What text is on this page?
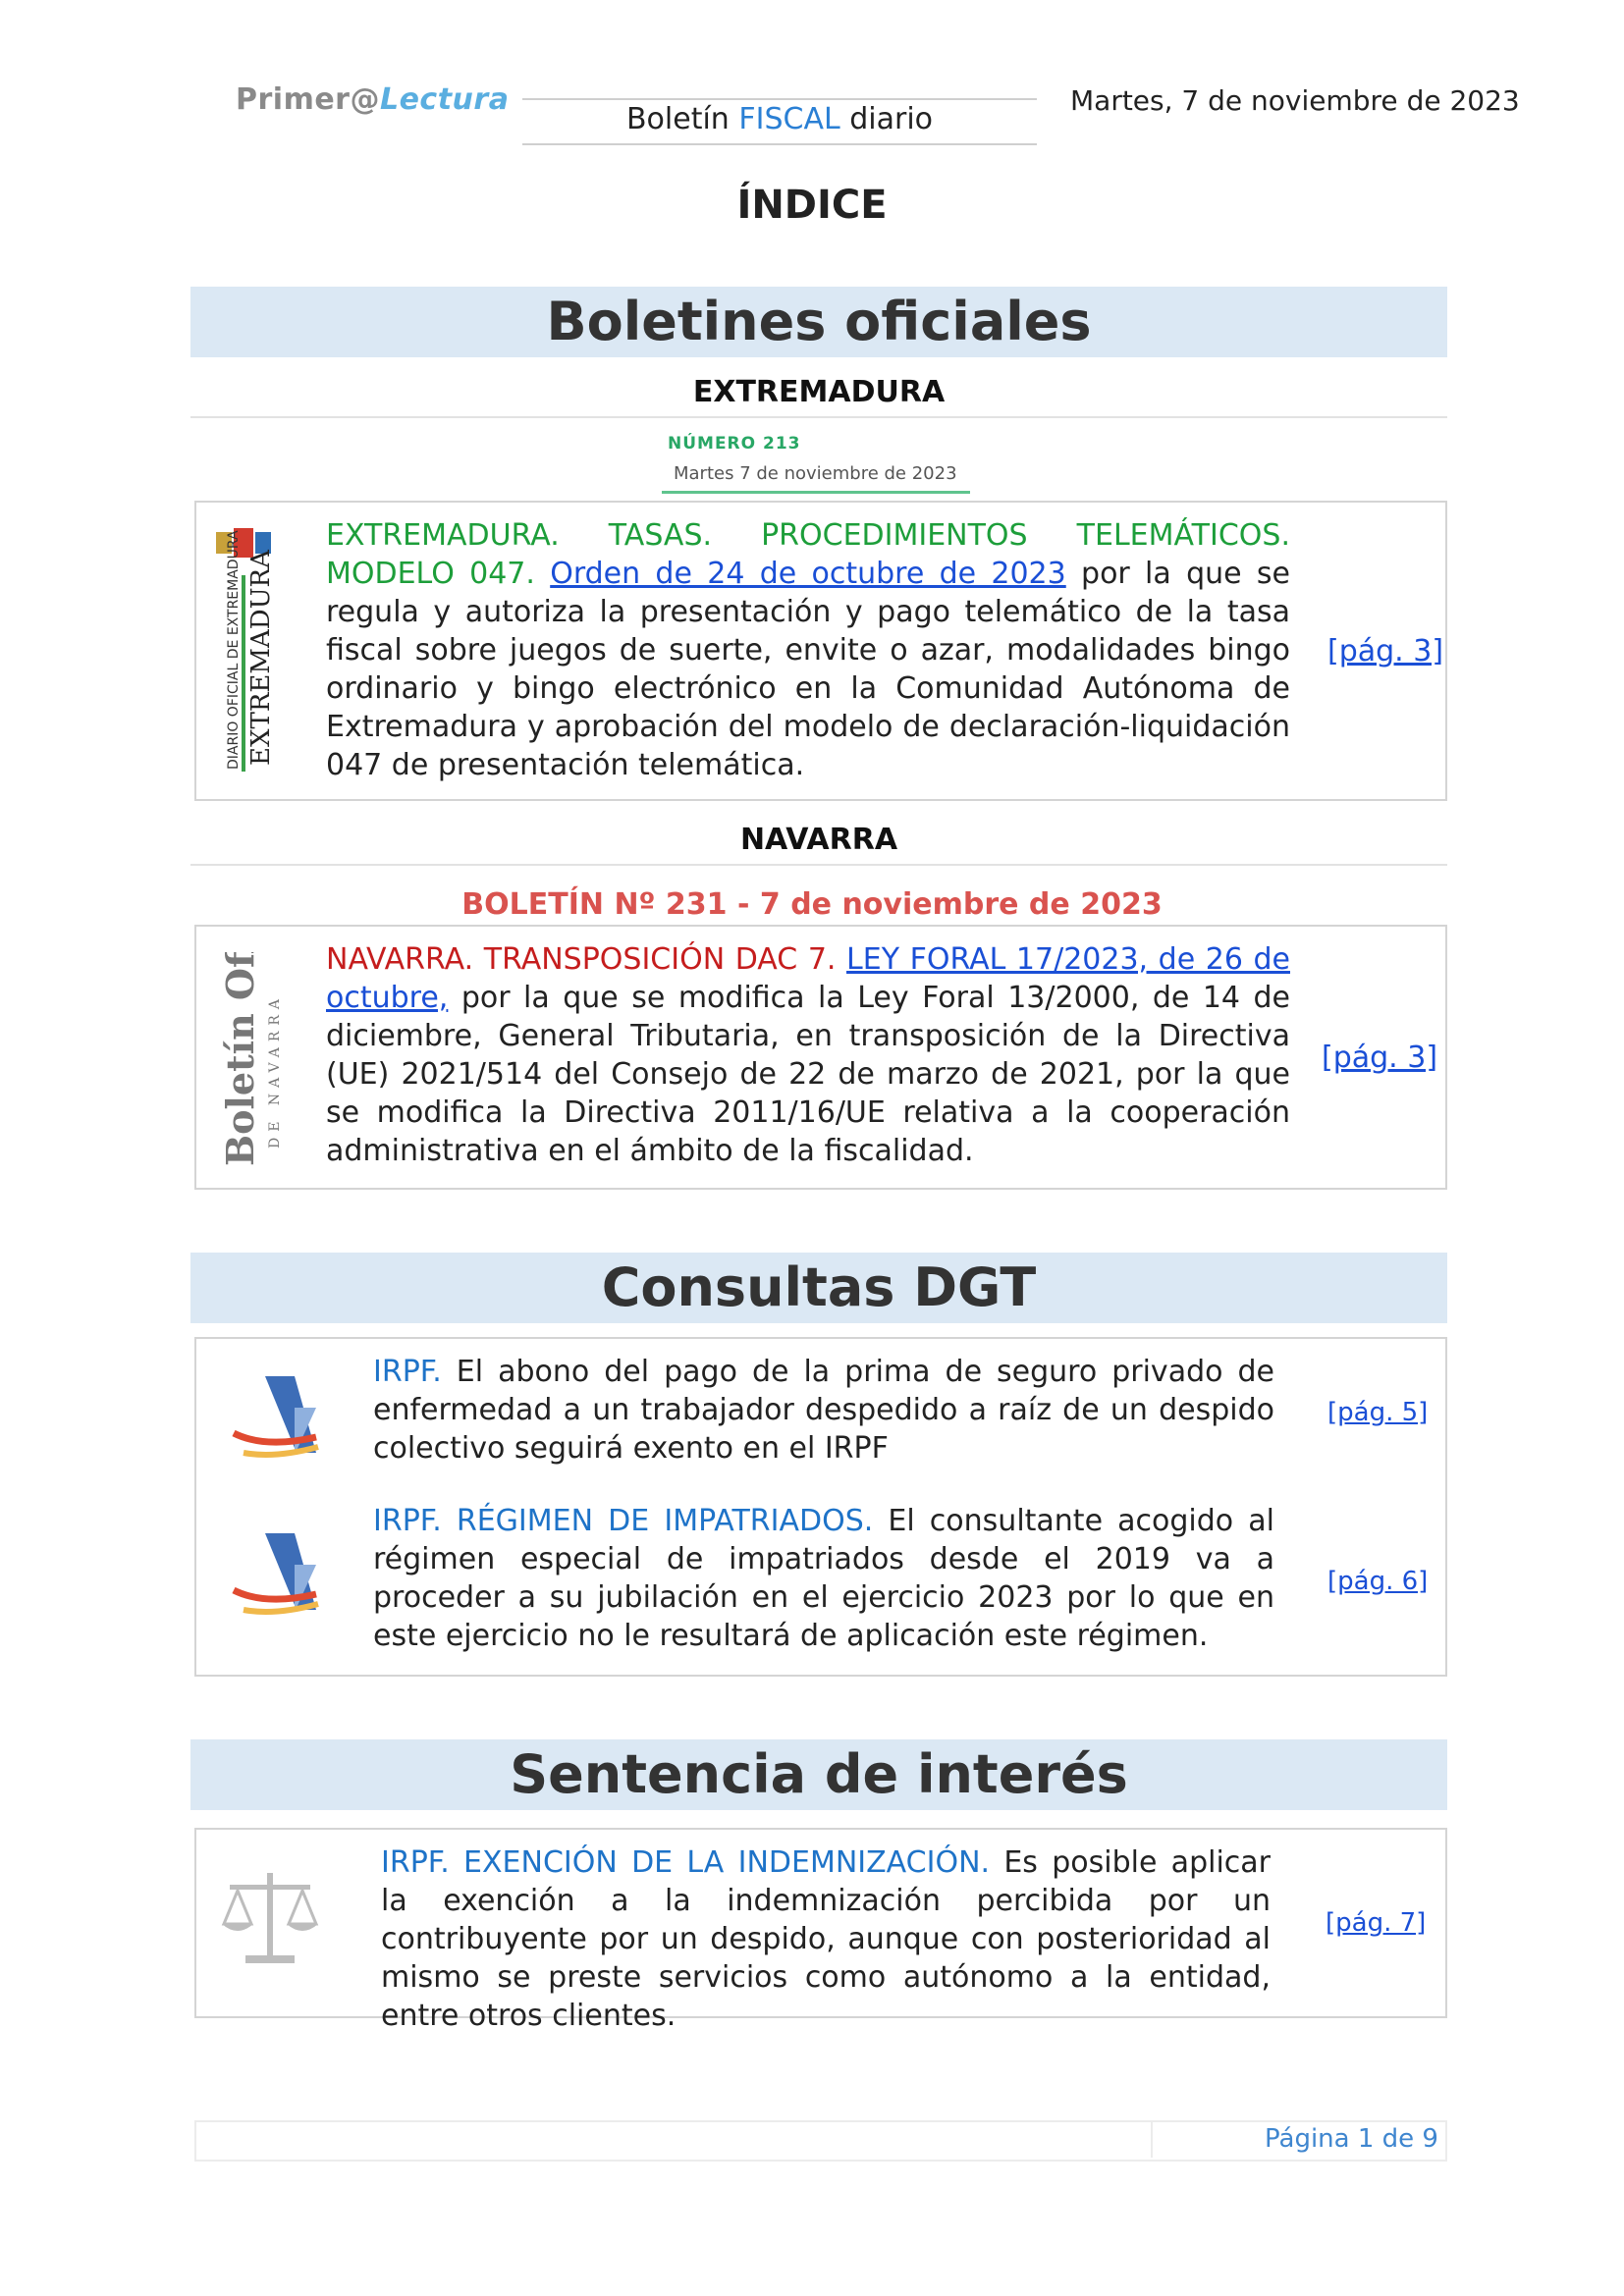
Primer@Lectura
Boletín FISCAL diario
Martes, 7 de noviembre de 2023
ÍNDICE
Boletines oficiales
EXTREMADURA
NÚMERO 213
Martes 7 de noviembre de 2023
DIARIO OFICIAL DE EXTREMADURA EXTREMADURA
EXTREMADURA. TASAS. PROCEDIMIENTOS TELEMÁTICOS. MODELO 047. Orden de 24 de octubre de 2023 por la que se regula y autoriza la presentación y pago telemático de la tasa fiscal sobre juegos de suerte, envite o azar, modalidades bingo ordinario y bingo electrónico en la Comunidad Autónoma de Extremadura y aprobación del modelo de declaración-liquidación 047 de presentación telemática.
[pág. 3]
NAVARRA
BOLETÍN Nº 231 - 7 de noviembre de 2023
Boletín Oficial DE NAVARRA
NAVARRA. TRANSPOSICIÓN DAC 7. LEY FORAL 17/2023, de 26 de octubre, por la que se modifica la Ley Foral 13/2000, de 14 de diciembre, General Tributaria, en transposición de la Directiva (UE) 2021/514 del Consejo de 22 de marzo de 2021, por la que se modifica la Directiva 2011/16/UE relativa a la cooperación administrativa en el ámbito de la fiscalidad.
[pág. 3]
Consultas DGT
IRPF. El abono del pago de la prima de seguro privado de enfermedad a un trabajador despedido a raíz de un despido colectivo seguirá exento en el IRPF
[pág. 5]
IRPF. RÉGIMEN DE IMPATRIADOS. El consultante acogido al régimen especial de impatriados desde el 2019 va a proceder a su jubilación en el ejercicio 2023 por lo que en este ejercicio no le resultará de aplicación este régimen.
[pág. 6]
Sentencia de interés
IRPF. EXENCIÓN DE LA INDEMNIZACIÓN. Es posible aplicar la exención a la indemnización percibida por un contribuyente por un despido, aunque con posterioridad al mismo se preste servicios como autónomo a la entidad, entre otros clientes.
[pág. 7]
Página 1 de 9
